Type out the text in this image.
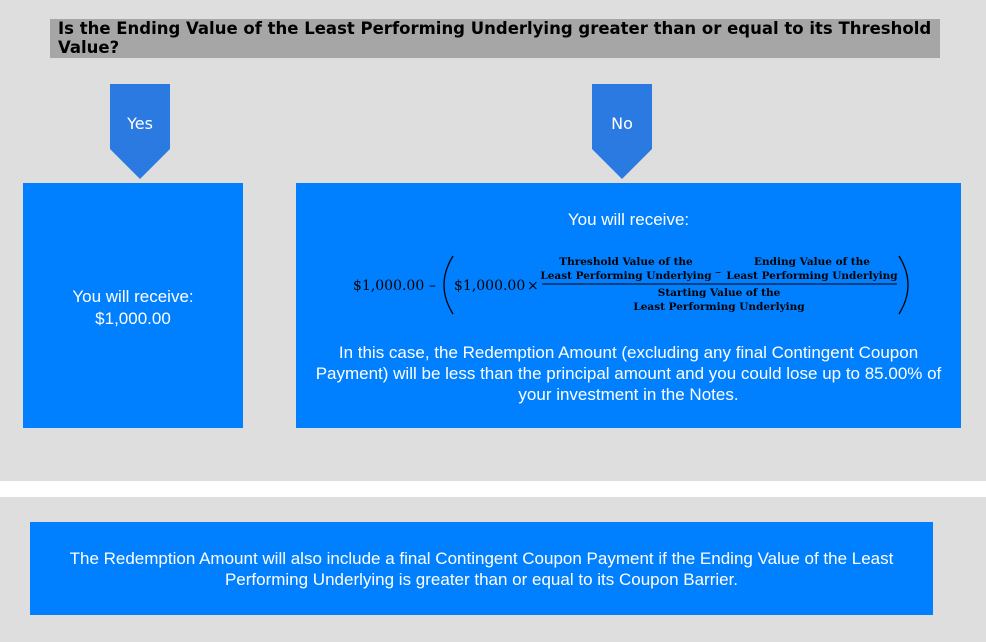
Is the Ending Value of the Least Performing Underlying greater than or equal to its Threshold Value?
Yes	No
You will receive:
$1,000.00
You will receive:
$1,000.00 – $1,000.00 ×
Threshold Value of the
Least Performing Underlying –
Ending Value of the
Least Performing Underlying
Starting Value of the
Least Performing Underlying
In this case, the Redemption Amount (excluding any final Contingent Coupon Payment) will be less than the principal amount and you could lose up to 85.00% of your investment in the Notes.
The Redemption Amount will also include a final Contingent Coupon Payment if the Ending Value of the Least Performing Underlying is greater than or equal to its Coupon Barrier.
